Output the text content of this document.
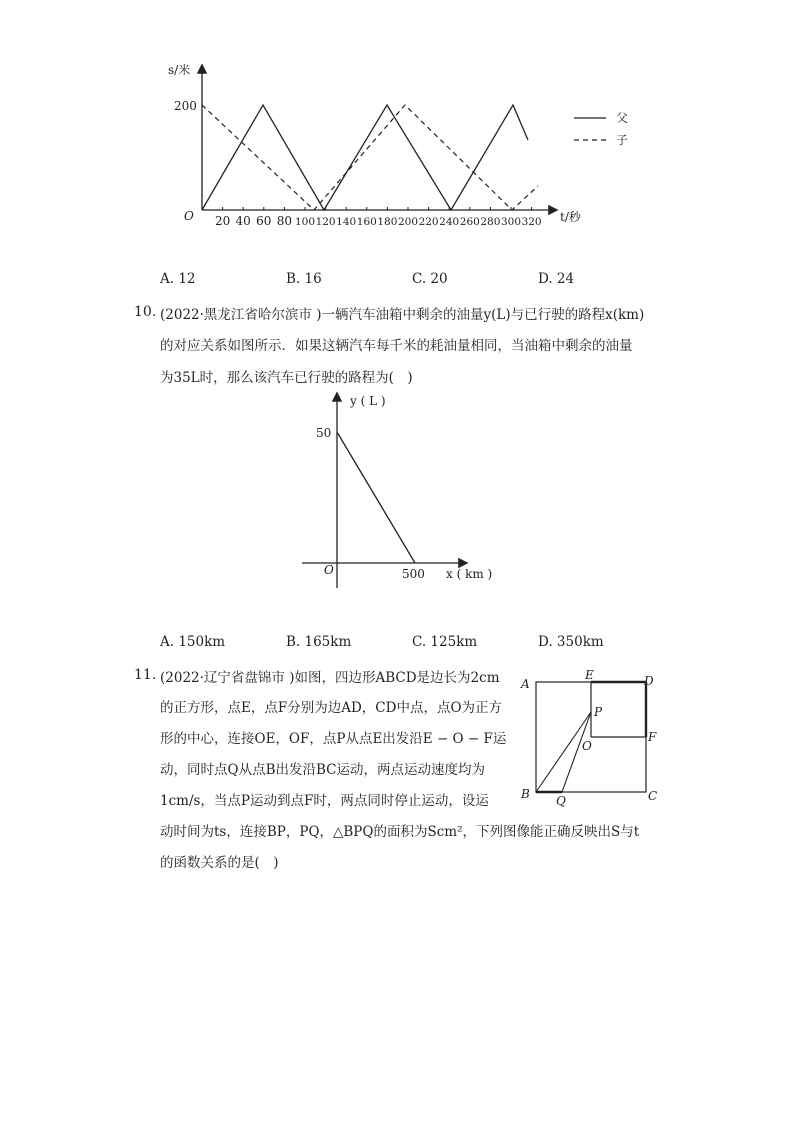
s/米
200
O	t/秒
20 40 60 80 100 120 140 160 180 200 220 240 260 280 300 320
父
子
A. 12	B. 16	C. 20	D. 24
10. (2022·黑龙江省哈尔滨市 )一辆汽车油箱中剩余的油量y(L)与已行驶的路程x(km)
的对应关系如图所示．如果这辆汽车每千米的耗油量相同，当油箱中剩余的油量
为35L时，那么该汽车已行驶的路程为(　)
y ( L )
50
O	500 x ( km )
A. 150km	B. 165km	C. 125km	D. 350km
11. (2022·辽宁省盘锦市 )如图，四边形ABCD是边长为2cm
的正方形，点E，点F分别为边AD，CD中点，点O为正方
形的中心，连接OE，OF，点P从点E出发沿E − O − F运
动，同时点Q从点B出发沿BC运动，两点运动速度均为
1cm/s，当点P运动到点F时，两点同时停止运动，设运
动时间为ts，连接BP，PQ，△BPQ的面积为Scm²，下列图像能正确反映出S与t
的函数关系的是(　)
A
E	D
P
O
F
B Q	C
